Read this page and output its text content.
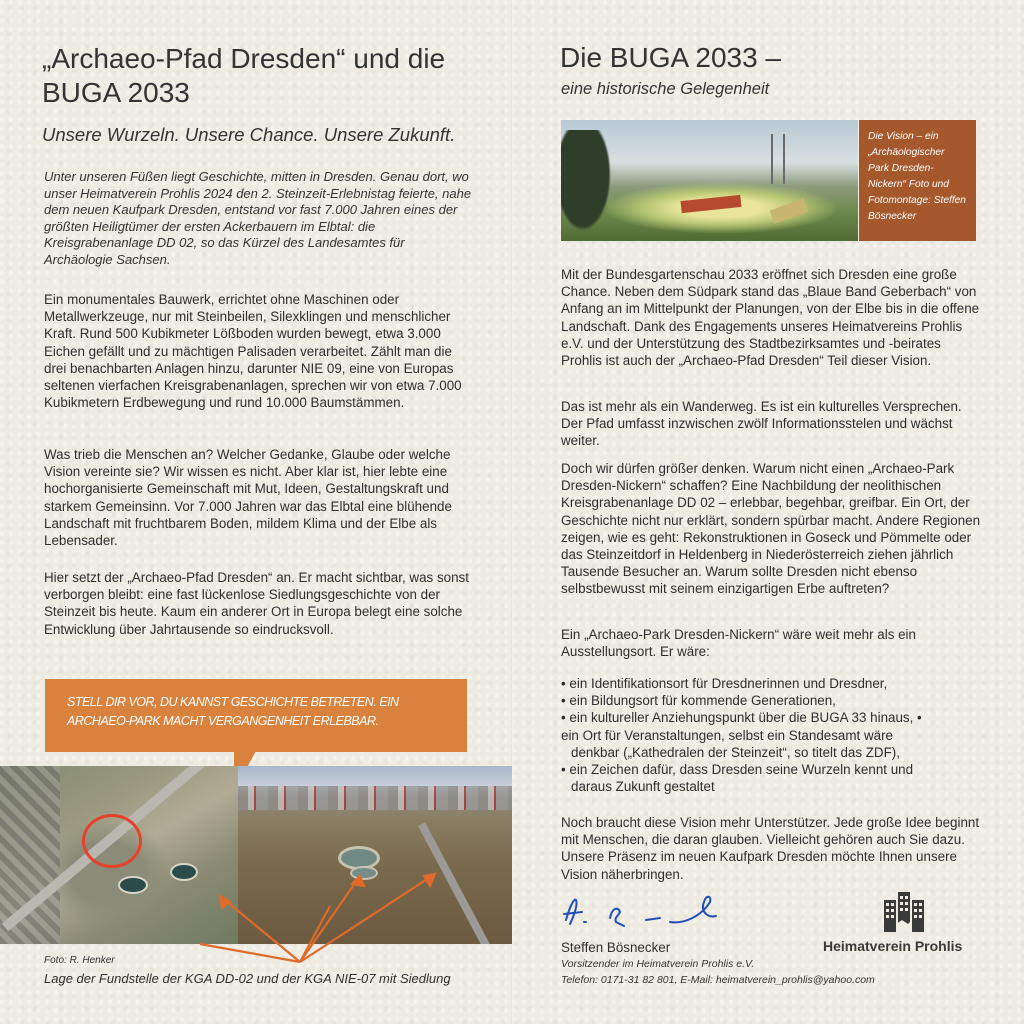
„Archaeo-Pfad Dresden“ und die BUGA 2033
Unsere Wurzeln. Unsere Chance. Unsere Zukunft.

Unter unseren Füßen liegt Geschichte, mitten in Dresden. Genau dort, wo unser Heimatverein Prohlis 2024 den 2. Steinzeit-Erlebnistag feierte, nahe dem neuen Kaufpark Dresden, entstand vor fast 7.000 Jahren eines der größten Heiligtümer der ersten Ackerbauern im Elbtal: die Kreisgrabenanlage DD 02, so das Kürzel des Landesamtes für Archäologie Sachsen.

Ein monumentales Bauwerk, errichtet ohne Maschinen oder Metallwerkzeuge, nur mit Steinbeilen, Silexklingen und menschlicher Kraft. Rund 500 Kubikmeter Lößboden wurden bewegt, etwa 3.000 Eichen gefällt und zu mächtigen Palisaden verarbeitet. Zählt man die drei benachbarten Anlagen hinzu, darunter NIE 09, eine von Europas seltenen vierfachen Kreisgrabenanlagen, sprechen wir von etwa 7.000 Kubikmetern Erdbewegung und rund 10.000 Baumstämmen.

Was trieb die Menschen an? Welcher Gedanke, Glaube oder welche Vision vereinte sie? Wir wissen es nicht. Aber klar ist, hier lebte eine hochorganisierte Gemeinschaft mit Mut, Ideen, Gestaltungskraft und starkem Gemeinsinn. Vor 7.000 Jahren war das Elbtal eine blühende Landschaft mit fruchtbarem Boden, mildem Klima und der Elbe als Lebensader.

Hier setzt der „Archaeo-Pfad Dresden“ an. Er macht sichtbar, was sonst verborgen bleibt: eine fast lückenlose Siedlungsgeschichte von der Steinzeit bis heute. Kaum ein anderer Ort in Europa belegt eine solche Entwicklung über Jahrtausende so eindrucksvoll.

STELL DIR VOR, DU KANNST GESCHICHTE BETRETEN. EIN ARCHAEO-PARK MACHT VERGANGENHEIT ERLEBBAR.
Foto: R. Henker
Lage der Fundstelle der KGA DD-02 und der KGA NIE-07 mit Siedlung
Die BUGA 2033 –
eine historische Gelegenheit
Die Vision – ein „Archäologischer Park Dresden-Nickern“ Foto und Fotomontage: Steffen Bösnecker

Mit der Bundesgartenschau 2033 eröffnet sich Dresden eine große Chance. Neben dem Südpark stand das „Blaue Band Geberbach“ von Anfang an im Mittelpunkt der Planungen, von der Elbe bis in die offene Landschaft. Dank des Engagements unseres Heimatvereins Prohlis e.V. und der Unterstützung des Stadtbezirksamtes und -beirates Prohlis ist auch der „Archaeo-Pfad Dresden“ Teil dieser Vision.

Das ist mehr als ein Wanderweg. Es ist ein kulturelles Versprechen. Der Pfad umfasst inzwischen zwölf Informationsstelen und wächst weiter.

Doch wir dürfen größer denken. Warum nicht einen „Archaeo-Park Dresden-Nickern“ schaffen? Eine Nachbildung der neolithischen Kreisgrabenanlage DD 02 – erlebbar, begehbar, greifbar. Ein Ort, der Geschichte nicht nur erklärt, sondern spürbar macht. Andere Regionen zeigen, wie es geht: Rekonstruktionen in Goseck und Pömmelte oder das Steinzeitdorf in Heldenberg in Niederösterreich ziehen jährlich Tausende Besucher an. Warum sollte Dresden nicht ebenso selbstbewusst mit seinem einzigartigen Erbe auftreten?

Ein „Archaeo-Park Dresden-Nickern“ wäre weit mehr als ein Ausstellungsort. Er wäre:

• ein Identifikationsort für Dresdnerinnen und Dresdner,
• ein Bildungsort für kommende Generationen,
• ein kultureller Anziehungspunkt über die BUGA 33 hinaus, •
ein Ort für Veranstaltungen, selbst ein Standesamt wäre
denkbar („Kathedralen der Steinzeit“, so titelt das ZDF),
• ein Zeichen dafür, dass Dresden seine Wurzeln kennt und
daraus Zukunft gestaltet

Noch braucht diese Vision mehr Unterstützer. Jede große Idee beginnt mit Menschen, die daran glauben. Vielleicht gehören auch Sie dazu. Unsere Präsenz im neuen Kaufpark Dresden möchte Ihnen unsere Vision näherbringen.

Steffen Bösnecker
Vorsitzender im Heimatverein Prohlis e.V.
Telefon: 0171-31 82 801, E-Mail: heimatverein_prohlis@yahoo.com
Heimatverein Prohlis
